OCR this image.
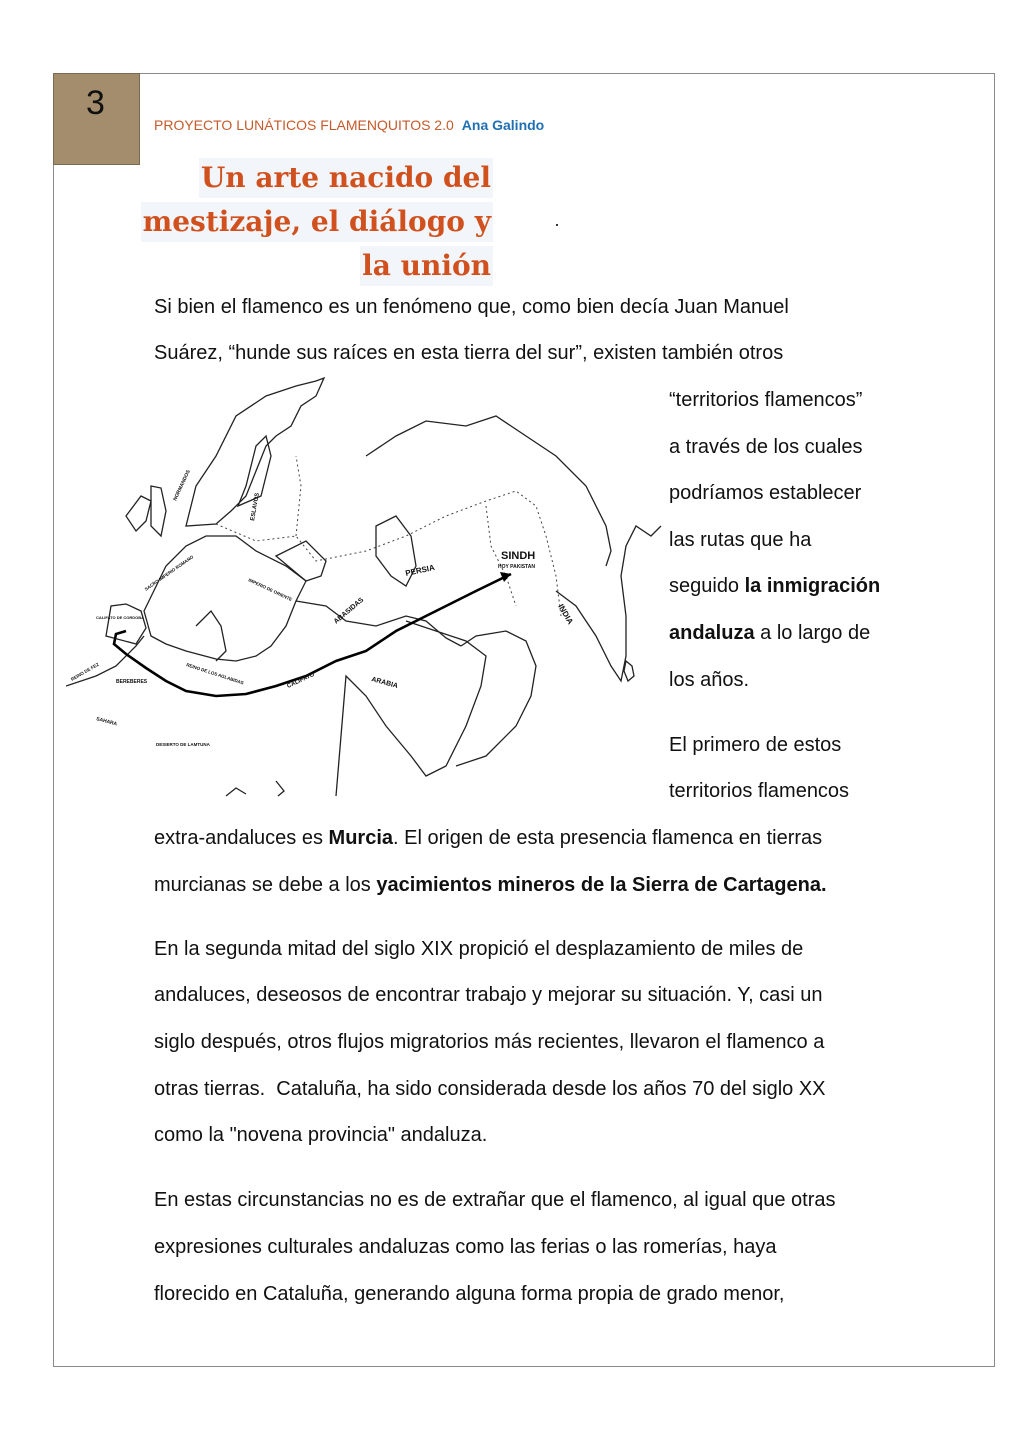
3
PROYECTO LUNÁTICOS FLAMENQUITOS 2.0 Ana Galindo
Un arte nacido del
mestizaje, el diálogo y
la unión
SINDH
HOY PAKISTAN
PERSIA
INDIA
ARABIA
ABASIDAS
ESLAVOS
NORMANDOS
SACRO IMPERIO ROMANO	IMPERIO DE ORIENTE
CALIFATO
CALIFATO DE CORDOBA
REINO DE FEZ
BEREBERES	REINO DE LOS AGLABIDAS
SAHARA
DESIERTO DE LAMTUNA
Si bien el flamenco es un fenómeno que, como bien decía Juan Manuel
Suárez, “hunde sus raíces en esta tierra del sur”, existen también otros
“territorios flamencos”
a través de los cuales
podríamos establecer
las rutas que ha
seguido la inmigración
andaluza a lo largo de
los años.
El primero de estos
territorios flamencos
extra-andaluces es Murcia. El origen de esta presencia flamenca en tierras
murcianas se debe a los yacimientos mineros de la Sierra de Cartagena.
En la segunda mitad del siglo XIX propició el desplazamiento de miles de
andaluces, deseosos de encontrar trabajo y mejorar su situación. Y, casi un
siglo después, otros flujos migratorios más recientes, llevaron el flamenco a
otras tierras.  Cataluña, ha sido considerada desde los años 70 del siglo XX
como la "novena provincia" andaluza.
En estas circunstancias no es de extrañar que el flamenco, al igual que otras
expresiones culturales andaluzas como las ferias o las romerías, haya
florecido en Cataluña, generando alguna forma propia de grado menor,
